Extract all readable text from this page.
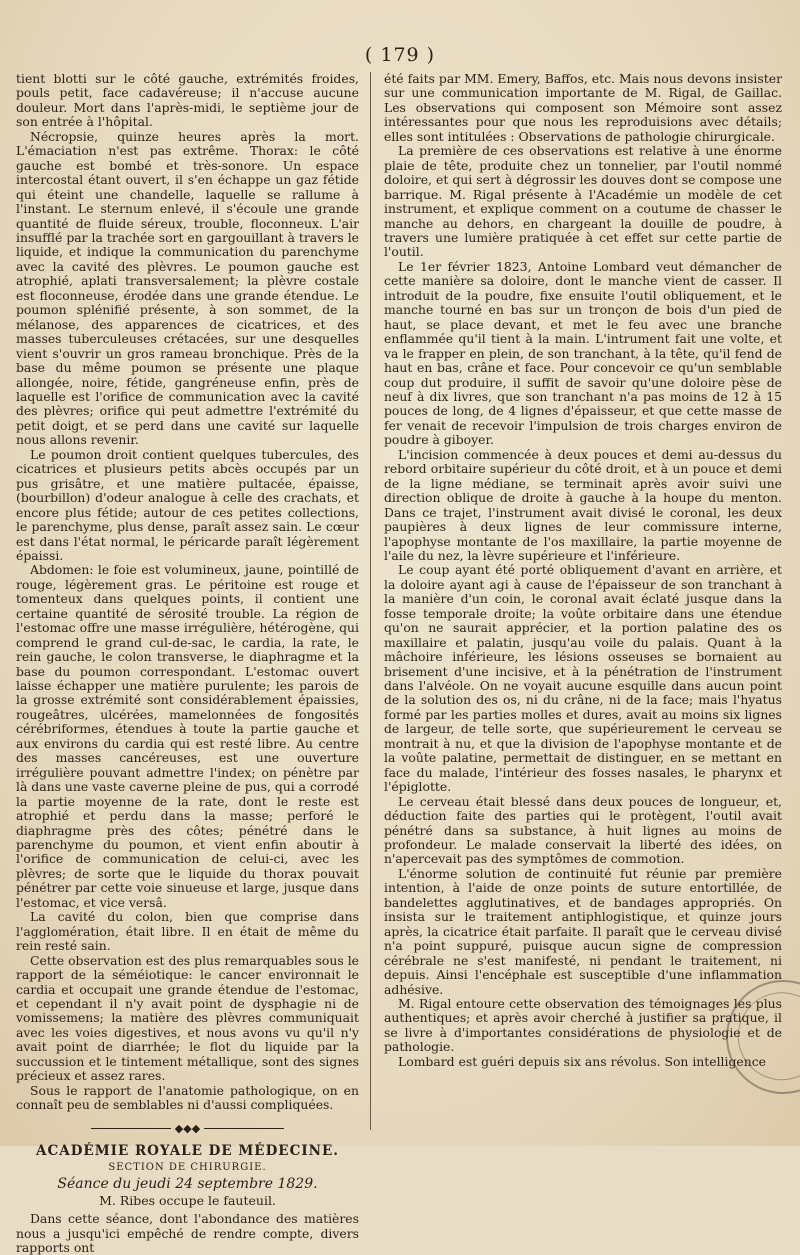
( 179 )

tient blotti sur le côté gauche, extrémités froides, pouls petit, face cadavéreuse; il n'accuse aucune douleur. Mort dans l'après-midi, le septième jour de son entrée à l'hôpital.

Nécropsie, quinze heures après la mort. L'émaciation n'est pas extrême. Thorax: le côté gauche est bombé et très-sonore. Un espace intercostal étant ouvert, il s'en échappe un gaz fétide qui éteint une chandelle, laquelle se rallume à l'instant. Le sternum enlevé, il s'écoule une grande quantité de fluide séreux, trouble, floconneux. L'air insufflé par la trachée sort en gargouillant à travers le liquide, et indique la communication du parenchyme avec la cavité des plèvres. Le poumon gauche est atrophié, aplati transversalement; la plèvre costale est floconneuse, érodée dans une grande étendue. Le poumon splénifié présente, à son sommet, de la mélanose, des apparences de cicatrices, et des masses tuberculeuses crétacées, sur une desquelles vient s'ouvrir un gros rameau bronchique. Près de la base du même poumon se présente une plaque allongée, noire, fétide, gangréneuse enfin, près de laquelle est l'orifice de communication avec la cavité des plèvres; orifice qui peut admettre l'extrémité du petit doigt, et se perd dans une cavité sur laquelle nous allons revenir.

Le poumon droit contient quelques tubercules, des cicatrices et plusieurs petits abcès occupés par un pus grisâtre, et une matière pultacée, épaisse, (bourbillon) d'odeur analogue à celle des crachats, et encore plus fétide; autour de ces petites collections, le parenchyme, plus dense, paraît assez sain. Le cœur est dans l'état normal, le péricarde paraît légèrement épaissi.

Abdomen: le foie est volumineux, jaune, pointillé de rouge, légèrement gras. Le péritoine est rouge et tomenteux dans quelques points, il contient une certaine quantité de sérosité trouble. La région de l'estomac offre une masse irrégulière, hétérogène, qui comprend le grand cul-de-sac, le cardia, la rate, le rein gauche, le colon transverse, le diaphragme et la base du poumon correspondant. L'estomac ouvert laisse échapper une matière purulente; les parois de la grosse extrémité sont considérablement épaissies, rougeâtres, ulcérées, mamelonnées de fongosités cérébriformes, étendues à toute la partie gauche et aux environs du cardia qui est resté libre. Au centre des masses cancéreuses, est une ouverture irrégulière pouvant admettre l'index; on pénètre par là dans une vaste caverne pleine de pus, qui a corrodé la partie moyenne de la rate, dont le reste est atrophié et perdu dans la masse; perforé le diaphragme près des côtes; pénétré dans le parenchyme du poumon, et vient enfin aboutir à l'orifice de communication de celui-ci, avec les plèvres; de sorte que le liquide du thorax pouvait pénétrer par cette voie sinueuse et large, jusque dans l'estomac, et vice versâ.

La cavité du colon, bien que comprise dans l'agglomération, était libre. Il en était de même du rein resté sain.

Cette observation est des plus remarquables sous le rapport de la séméiotique: le cancer environnait le cardia et occupait une grande étendue de l'estomac, et cependant il n'y avait point de dysphagie ni de vomissemens; la matière des plèvres communiquait avec les voies digestives, et nous avons vu qu'il n'y avait point de diarrhée; le flot du liquide par la succussion et le tintement métallique, sont des signes précieux et assez rares.

Sous le rapport de l'anatomie pathologique, on en connaît peu de semblables ni d'aussi compliquées.

◆◆◆
ACADÉMIE ROYALE DE MÉDECINE.
SECTION DE CHIRURGIE.
Séance du jeudi 24 septembre 1829.
M. Ribes occupe le fauteuil.

Dans cette séance, dont l'abondance des matières nous a jusqu'ici empêché de rendre compte, divers rapports ont

été faits par MM. Emery, Baffos, etc. Mais nous devons insister sur une communication importante de M. Rigal, de Gaillac. Les observations qui composent son Mémoire sont assez intéressantes pour que nous les reproduisions avec détails; elles sont intitulées : Observations de pathologie chirurgicale.

La première de ces observations est relative à une énorme plaie de tête, produite chez un tonnelier, par l'outil nommé doloire, et qui sert à dégrossir les douves dont se compose une barrique. M. Rigal présente à l'Académie un modèle de cet instrument, et explique comment on a coutume de chasser le manche au dehors, en chargeant la douille de poudre, à travers une lumière pratiquée à cet effet sur cette partie de l'outil.

Le 1er février 1823, Antoine Lombard veut démancher de cette manière sa doloire, dont le manche vient de casser. Il introduit de la poudre, fixe ensuite l'outil obliquement, et le manche tourné en bas sur un tronçon de bois d'un pied de haut, se place devant, et met le feu avec une branche enflammée qu'il tient à la main. L'intrument fait une volte, et va le frapper en plein, de son tranchant, à la tête, qu'il fend de haut en bas, crâne et face. Pour concevoir ce qu'un semblable coup dut produire, il suffit de savoir qu'une doloire pèse de neuf à dix livres, que son tranchant n'a pas moins de 12 à 15 pouces de long, de 4 lignes d'épaisseur, et que cette masse de fer venait de recevoir l'impulsion de trois charges environ de poudre à giboyer.

L'incision commencée à deux pouces et demi au-dessus du rebord orbitaire supérieur du côté droit, et à un pouce et demi de la ligne médiane, se terminait après avoir suivi une direction oblique de droite à gauche à la houpe du menton. Dans ce trajet, l'instrument avait divisé le coronal, les deux paupières à deux lignes de leur commissure interne, l'apophyse montante de l'os maxillaire, la partie moyenne de l'aile du nez, la lèvre supérieure et l'inférieure.

Le coup ayant été porté obliquement d'avant en arrière, et la doloire ayant agi à cause de l'épaisseur de son tranchant à la manière d'un coin, le coronal avait éclaté jusque dans la fosse temporale droite; la voûte orbitaire dans une étendue qu'on ne saurait apprécier, et la portion palatine des os maxillaire et palatin, jusqu'au voile du palais. Quant à la mâchoire inférieure, les lésions osseuses se bornaient au brisement d'une incisive, et à la pénétration de l'instrument dans l'alvéole. On ne voyait aucune esquille dans aucun point de la solution des os, ni du crâne, ni de la face; mais l'hyatus formé par les parties molles et dures, avait au moins six lignes de largeur, de telle sorte, que supérieurement le cerveau se montrait à nu, et que la division de l'apophyse montante et de la voûte palatine, permettait de distinguer, en se mettant en face du malade, l'intérieur des fosses nasales, le pharynx et l'épiglotte.

Le cerveau était blessé dans deux pouces de longueur, et, déduction faite des parties qui le protègent, l'outil avait pénétré dans sa substance, à huit lignes au moins de profondeur. Le malade conservait la liberté des idées, on n'apercevait pas des symptômes de commotion.

L'énorme solution de continuité fut réunie par première intention, à l'aide de onze points de suture entortillée, de bandelettes agglutinatives, et de bandages appropriés. On insista sur le traitement antiphlogistique, et quinze jours après, la cicatrice était parfaite. Il paraît que le cerveau divisé n'a point suppuré, puisque aucun signe de compression cérébrale ne s'est manifesté, ni pendant le traitement, ni depuis. Ainsi l'encéphale est susceptible d'une inflammation adhésive.

M. Rigal entoure cette observation des témoignages les plus authentiques; et après avoir cherché à justifier sa pratique, il se livre à d'importantes considérations de physiologie et de pathologie.

Lombard est guéri depuis six ans révolus. Son intelligence
